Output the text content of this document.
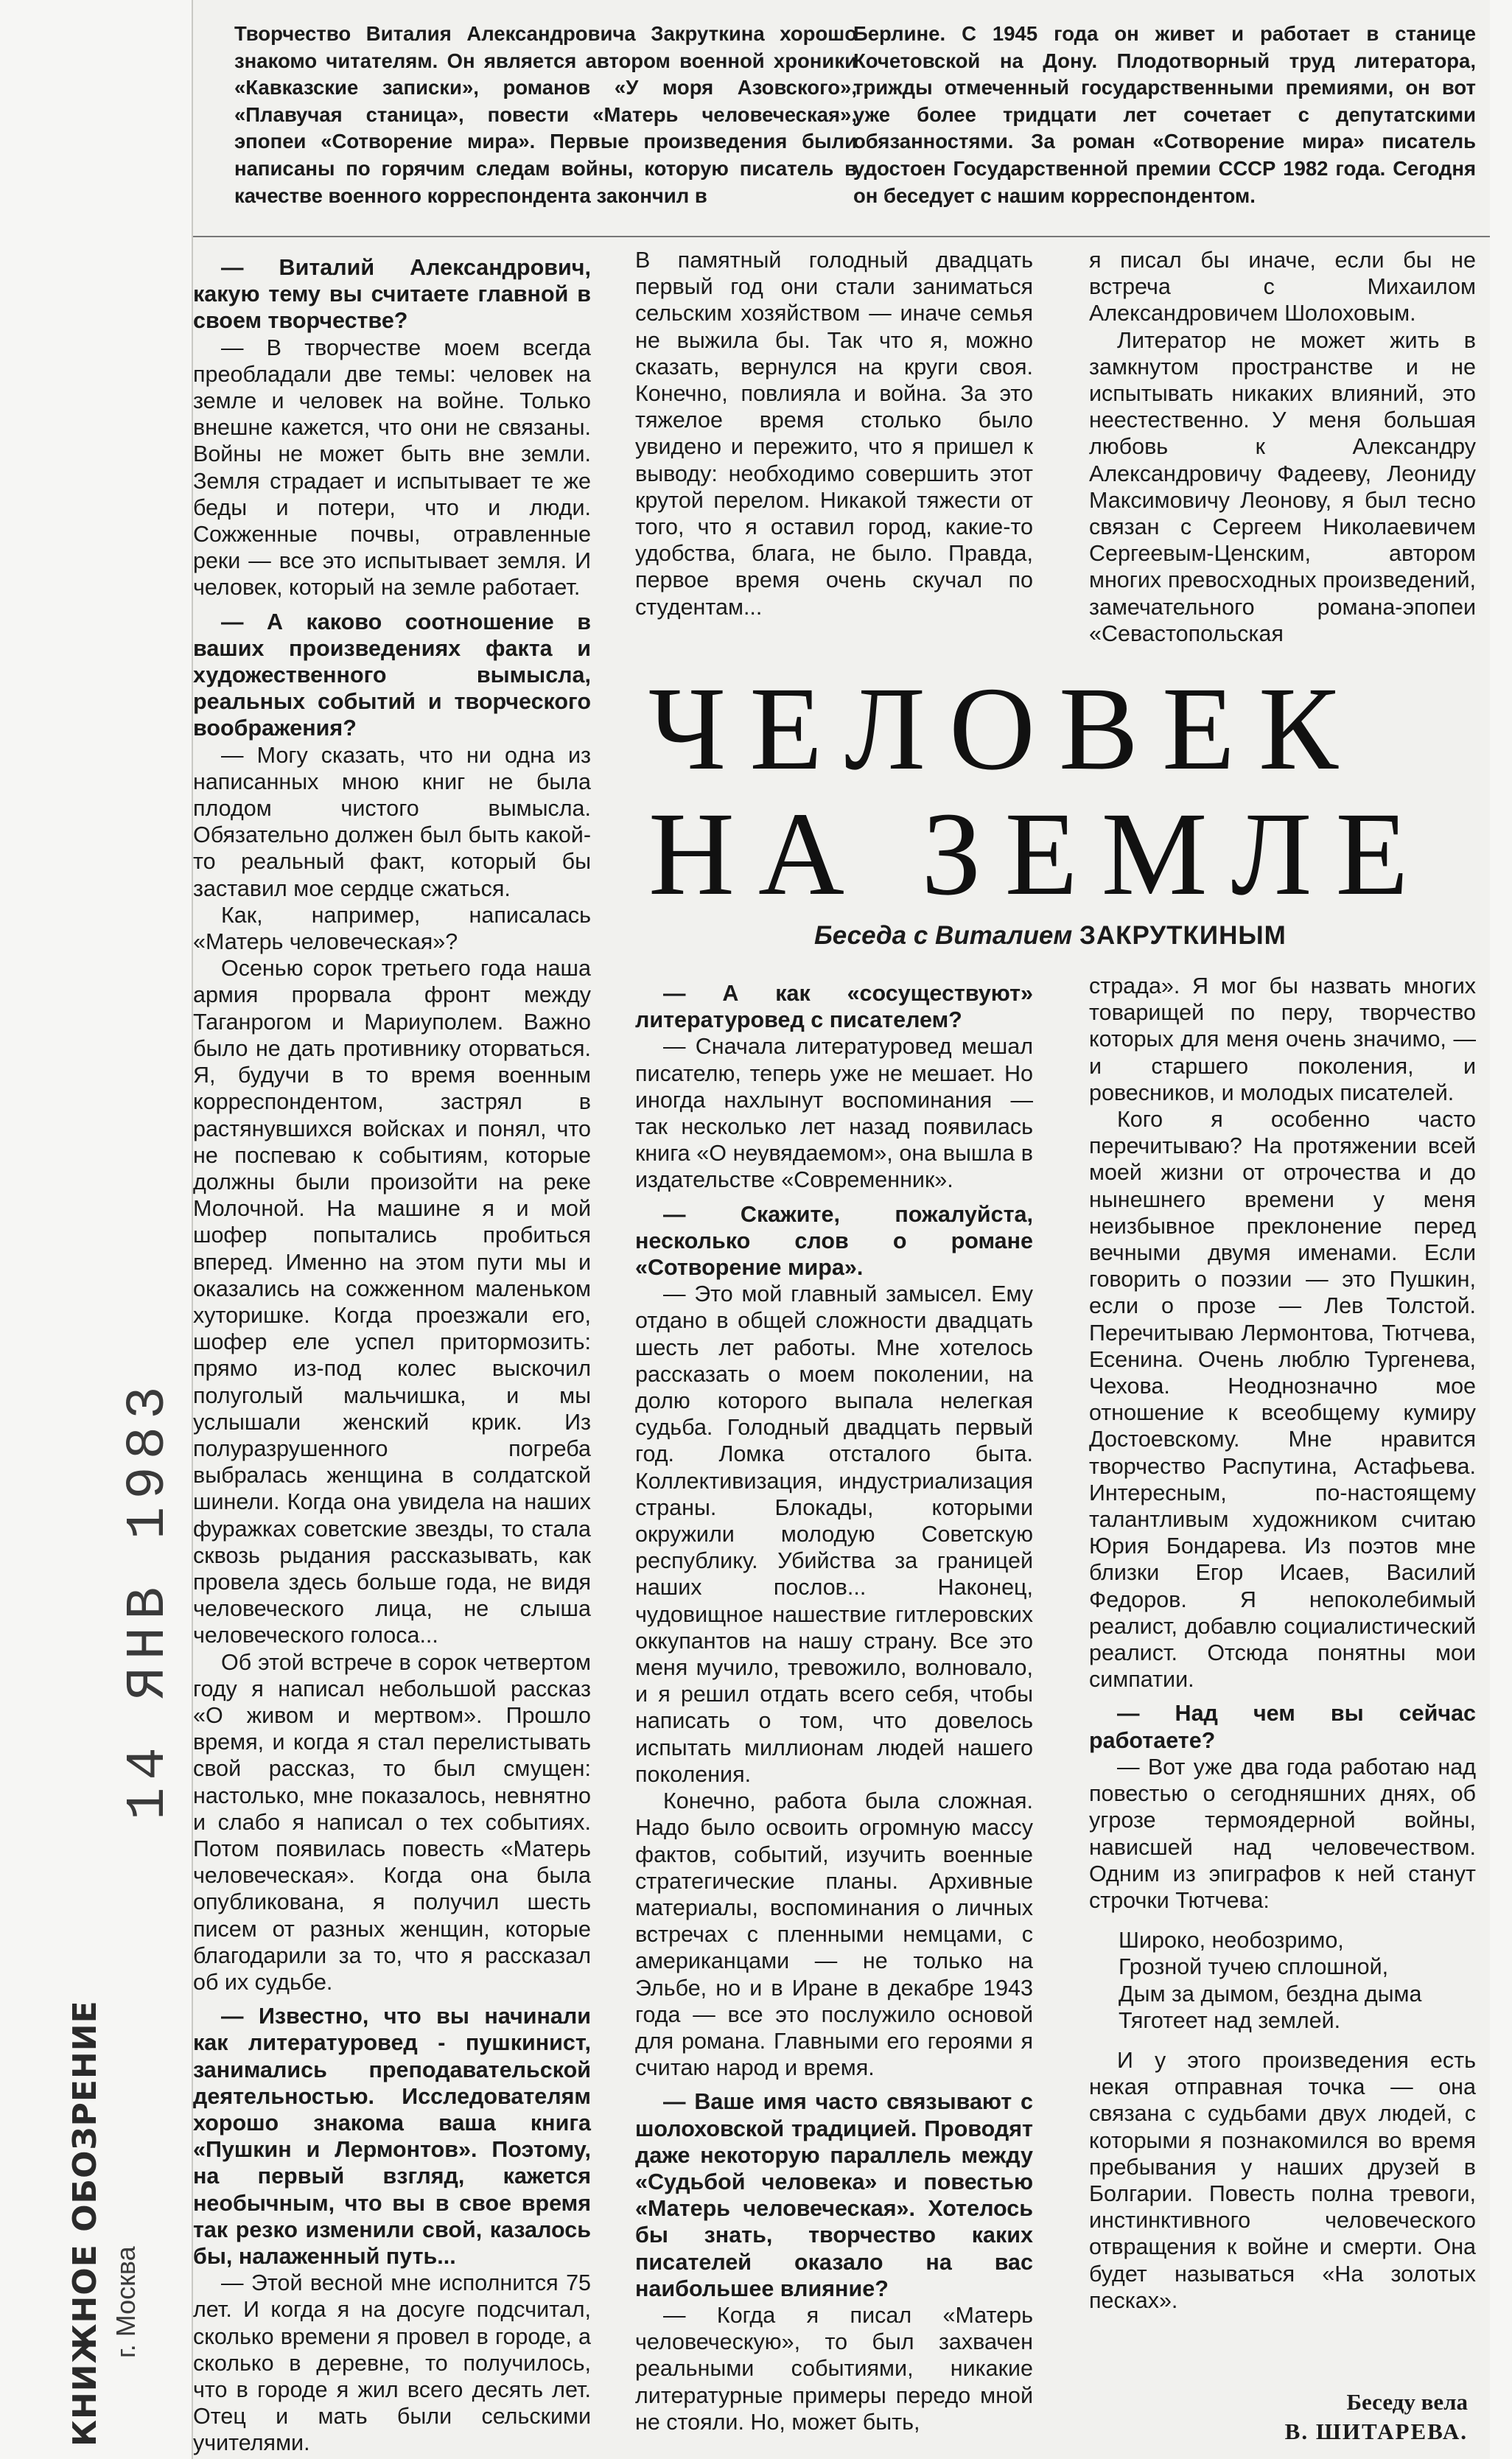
14 ЯНВ 1983
КНИЖНОЕ ОБОЗРЕНИЕ г. Москва
Творчество Виталия Александровича Закруткина хорошо знакомо читателям. Он является автором военной хроники «Кавказские записки», романов «У моря Азовского», «Плавучая станица», повести «Матерь человеческая», эпопеи «Сотворение мира». Первые произведения были написаны по горячим следам войны, которую писатель в качестве военного корреспондента закончил в
Берлине. С 1945 года он живет и работает в станице Кочетовской на Дону. Плодотворный труд литератора, трижды отмеченный государственными премиями, он вот уже более тридцати лет сочетает с депутатскими обязанностями. За роман «Сотворение мира» писатель удостоен Государственной премии СССР 1982 года. Сегодня он беседует с нашим корреспондентом.

— Виталий Александрович, какую тему вы считаете главной в своем творчестве?

— В творчестве моем всегда преобладали две темы: человек на земле и человек на войне. Только внешне кажется, что они не связаны. Войны не может быть вне земли. Земля страдает и испытывает те же беды и потери, что и люди. Сожженные почвы, отравленные реки — все это испытывает земля. И человек, который на земле работает.

— А каково соотношение в ваших произведениях факта и художественного вымысла, реальных событий и творческого воображения?

— Могу сказать, что ни одна из написанных мною книг не была плодом чистого вымысла. Обязательно должен был быть какой-то реальный факт, который бы заставил мое сердце сжаться.

Как, например, написалась «Матерь человеческая»?

Осенью сорок третьего года наша армия прорвала фронт между Таганрогом и Мариуполем. Важно было не дать противнику оторваться. Я, будучи в то время военным корреспондентом, застрял в растянувшихся войсках и понял, что не поспеваю к событиям, которые должны были произойти на реке Молочной. На машине я и мой шофер попытались пробиться вперед. Именно на этом пути мы и оказались на сожженном маленьком хуторишке. Когда проезжали его, шофер еле успел притормозить: прямо из-под колес выскочил полуголый мальчишка, и мы услышали женский крик. Из полуразрушенного погреба выбралась женщина в солдатской шинели. Когда она увидела на наших фуражках советские звезды, то стала сквозь рыдания рассказывать, как провела здесь больше года, не видя человеческого лица, не слыша человеческого голоса...

Об этой встрече в сорок четвертом году я написал небольшой рассказ «О живом и мертвом». Прошло время, и когда я стал перелистывать свой рассказ, то был смущен: настолько, мне показалось, невнятно и слабо я написал о тех событиях. Потом появилась повесть «Матерь человеческая». Когда она была опубликована, я получил шесть писем от разных женщин, которые благодарили за то, что я рассказал об их судьбе.

— Известно, что вы начинали как литературовед - пушкинист, занимались преподавательской деятельностью. Исследователям хорошо знакома ваша книга «Пушкин и Лермонтов». Поэтому, на первый взгляд, кажется необычным, что вы в свое время так резко изменили свой, казалось бы, налаженный путь...

— Этой весной мне исполнится 75 лет. И когда я на досуге подсчитал, сколько времени я провел в городе, а сколько в деревне, то получилось, что в городе я жил всего десять лет. Отец и мать были сельскими учителями.

В памятный голодный двадцать первый год они стали заниматься сельским хозяйством — иначе семья не выжила бы. Так что я, можно сказать, вернулся на круги своя. Конечно, повлияла и война. За это тяжелое время столько было увидено и пережито, что я пришел к выводу: необходимо совершить этот крутой перелом. Никакой тяжести от того, что я оставил город, какие-то удобства, блага, не было. Правда, первое время очень скучал по студентам...

я писал бы иначе, если бы не встреча с Михаилом Александровичем Шолоховым.

Литератор не может жить в замкнутом пространстве и не испытывать никаких влияний, это неестественно. У меня большая любовь к Александру Александровичу Фадееву, Леониду Максимовичу Леонову, я был тесно связан с Сергеем Николаевичем Сергеевым-Ценским, автором многих превосходных произведений, замечательного романа-эпопеи «Севастопольская

ЧЕЛОВЕК
НА ЗЕМЛЕ
Беседа с Виталием ЗАКРУТКИНЫМ

— А как «сосуществуют» литературовед с писателем?

— Сначала литературовед мешал писателю, теперь уже не мешает. Но иногда нахлынут воспоминания — так несколько лет назад появилась книга «О неувядаемом», она вышла в издательстве «Современник».

— Скажите, пожалуйста, несколько слов о романе «Сотворение мира».

— Это мой главный замысел. Ему отдано в общей сложности двадцать шесть лет работы. Мне хотелось рассказать о моем поколении, на долю которого выпала нелегкая судьба. Голодный двадцать первый год. Ломка отсталого быта. Коллективизация, индустриализация страны. Блокады, которыми окружили молодую Советскую республику. Убийства за границей наших послов... Наконец, чудовищное нашествие гитлеровских оккупантов на нашу страну. Все это меня мучило, тревожило, волновало, и я решил отдать всего себя, чтобы написать о том, что довелось испытать миллионам людей нашего поколения.

Конечно, работа была сложная. Надо было освоить огромную массу фактов, событий, изучить военные стратегические планы. Архивные материалы, воспоминания о личных встречах с пленными немцами, с американцами — не только на Эльбе, но и в Иране в декабре 1943 года — все это послужило основой для романа. Главными его героями я считаю народ и время.

— Ваше имя часто связывают с шолоховской традицией. Проводят даже некоторую параллель между «Судьбой человека» и повестью «Матерь человеческая». Хотелось бы знать, творчество каких писателей оказало на вас наибольшее влияние?

— Когда я писал «Матерь человеческую», то был захвачен реальными событиями, никакие литературные примеры передо мной не стояли. Но, может быть,

страда». Я мог бы назвать многих товарищей по перу, творчество которых для меня очень значимо, — и старшего поколения, и ровесников, и молодых писателей.

Кого я особенно часто перечитываю? На протяжении всей моей жизни от отрочества и до нынешнего времени у меня неизбывное преклонение перед вечными двумя именами. Если говорить о поэзии — это Пушкин, если о прозе — Лев Толстой. Перечитываю Лермонтова, Тютчева, Есенина. Очень люблю Тургенева, Чехова. Неоднозначно мое отношение к всеобщему кумиру Достоевскому. Мне нравится творчество Распутина, Астафьева. Интересным, по-настоящему талантливым художником считаю Юрия Бондарева. Из поэтов мне близки Егор Исаев, Василий Федоров. Я непоколебимый реалист, добавлю социалистический реалист. Отсюда понятны мои симпатии.

— Над чем вы сейчас работаете?

— Вот уже два года работаю над повестью о сегодняшних днях, об угрозе термоядерной войны, нависшей над человечеством. Одним из эпиграфов к ней станут строчки Тютчева:

Широко, необозримо,
Грозной тучею сплошной,
Дым за дымом, бездна дыма
Тяготеет над землей.

И у этого произведения есть некая отправная точка — она связана с судьбами двух людей, с которыми я познакомился во время пребывания у наших друзей в Болгарии. Повесть полна тревоги, инстинктивного человеческого отвращения к войне и смерти. Она будет называться «На золотых песках».

Беседу вела
В. ШИТАРЕВА.
